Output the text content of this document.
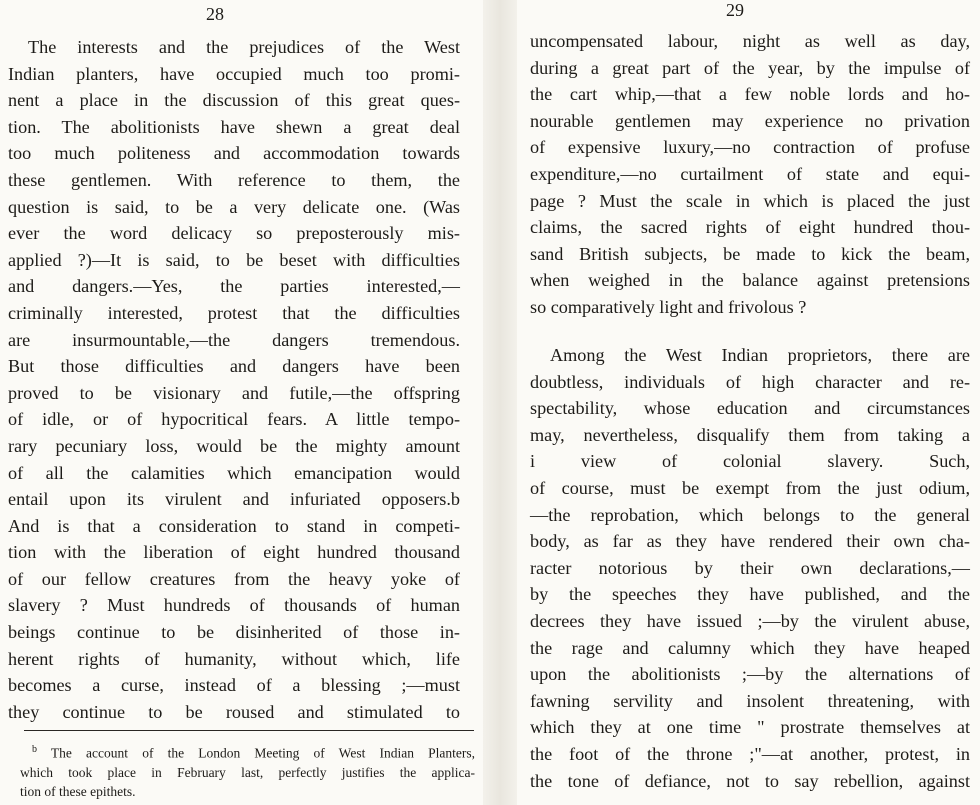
28
The interests and the prejudices of the West
Indian planters, have occupied much too promi-
nent a place in the discussion of this great ques-
tion. The abolitionists have shewn a great deal
too much politeness and accommodation towards
these gentlemen. With reference to them, the
question is said, to be a very delicate one. (Was
ever the word delicacy so preposterously mis-
applied ?)—It is said, to be beset with difficulties
and dangers.—Yes, the parties interested,—
criminally interested, protest that the difficulties
are insurmountable,—the dangers tremendous.
But those difficulties and dangers have been
proved to be visionary and futile,—the offspring
of idle, or of hypocritical fears. A little tempo-
rary pecuniary loss, would be the mighty amount
of all the calamities which emancipation would
entail upon its virulent and infuriated opposers.b
And is that a consideration to stand in competi-
tion with the liberation of eight hundred thousand
of our fellow creatures from the heavy yoke of
slavery ? Must hundreds of thousands of human
beings continue to be disinherited of those in-
herent rights of humanity, without which, life
becomes a curse, instead of a blessing ;—must
they continue to be roused and stimulated to
$^b$ The account of the London Meeting of West Indian Planters,
which took place in February last, perfectly justifies the applica-
tion of these epithets.
29
uncompensated labour, night as well as day,
during a great part of the year, by the impulse of
the cart whip,—that a few noble lords and ho-
nourable gentlemen may experience no privation
of expensive luxury,—no contraction of profuse
expenditure,—no curtailment of state and equi-
page ? Must the scale in which is placed the just
claims, the sacred rights of eight hundred thou-
sand British subjects, be made to kick the beam,
when weighed in the balance against pretensions
so comparatively light and frivolous ?
Among the West Indian proprietors, there are
doubtless, individuals of high character and re-
spectability, whose education and circumstances
may, nevertheless, disqualify them from taking a
i view of colonial slavery. Such,
of course, must be exempt from the just odium,
—the reprobation, which belongs to the general
body, as far as they have rendered their own cha-
racter notorious by their own declarations,—
by the speeches they have published, and the
decrees they have issued ;—by the virulent abuse,
the rage and calumny which they have heaped
upon the abolitionists ;—by the alternations of
fawning servility and insolent threatening, with
which they at one time " prostrate themselves at
the foot of the throne ;"—at another, protest, in
the tone of defiance, not to say rebellion, against
